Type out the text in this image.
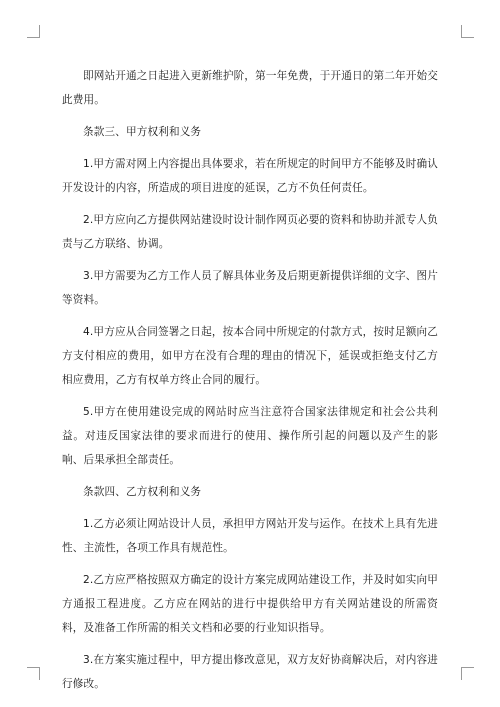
即网站开通之日起进入更新维护阶，第一年免费，于开通日的第二年开始交此费用。

条款三、甲方权利和义务

1.甲方需对网上内容提出具体要求，若在所规定的时间甲方不能够及时确认开发设计的内容，所造成的项目进度的延误，乙方不负任何责任。

2.甲方应向乙方提供网站建设时设计制作网页必要的资料和协助并派专人负责与乙方联络、协调。

3.甲方需要为乙方工作人员了解具体业务及后期更新提供详细的文字、图片等资料。

4.甲方应从合同签署之日起，按本合同中所规定的付款方式，按时足额向乙方支付相应的费用，如甲方在没有合理的理由的情况下，延误或拒绝支付乙方相应费用，乙方有权单方终止合同的履行。

5.甲方在使用建设完成的网站时应当注意符合国家法律规定和社会公共利益。对违反国家法律的要求而进行的使用、操作所引起的问题以及产生的影响、后果承担全部责任。

条款四、乙方权利和义务

1.乙方必须让网站设计人员，承担甲方网站开发与运作。在技术上具有先进性、主流性，各项工作具有规范性。

2.乙方应严格按照双方确定的设计方案完成网站建设工作，并及时如实向甲方通报工程进度。乙方应在网站的进行中提供给甲方有关网站建设的所需资料，及准备工作所需的相关文档和必要的行业知识指导。

3.在方案实施过程中，甲方提出修改意见，双方友好协商解决后，对内容进行修改。
